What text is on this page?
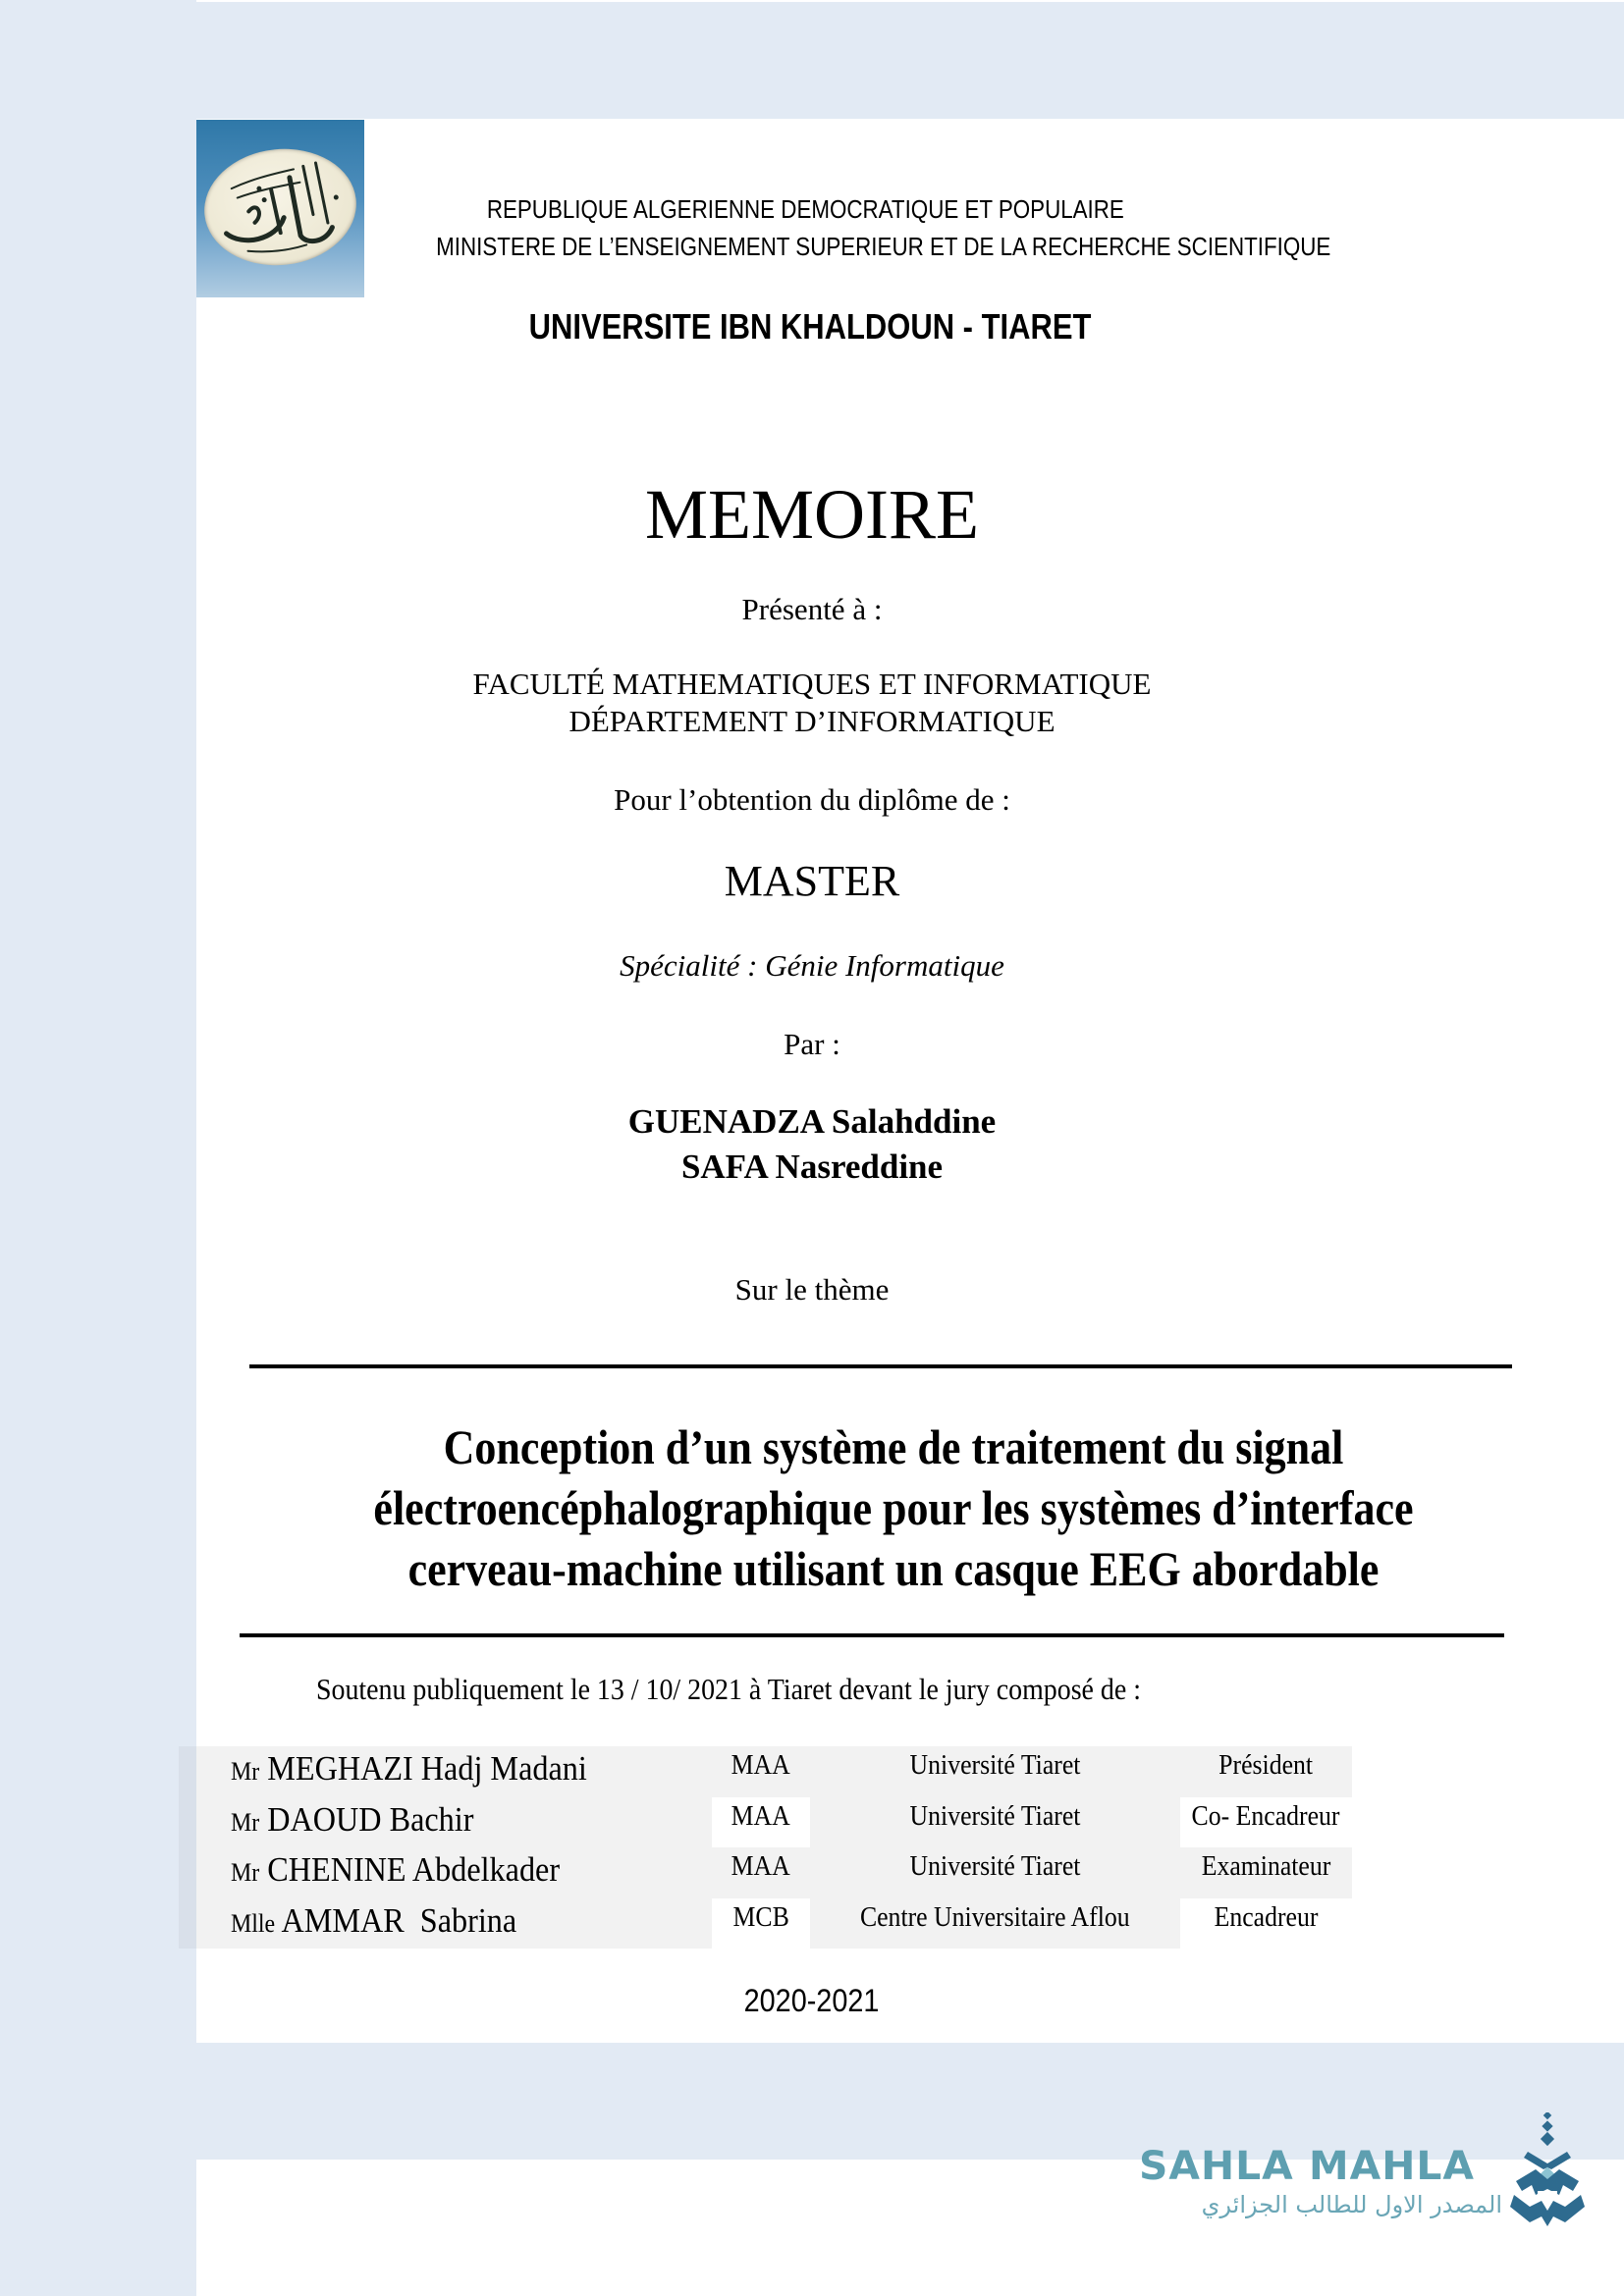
REPUBLIQUE ALGERIENNE DEMOCRATIQUE ET POPULAIRE
MINISTERE DE L’ENSEIGNEMENT SUPERIEUR ET DE LA RECHERCHE SCIENTIFIQUE
UNIVERSITE IBN KHALDOUN - TIARET
MEMOIRE
Présenté à :
FACULTÉ MATHEMATIQUES ET INFORMATIQUE
DÉPARTEMENT D’INFORMATIQUE
Pour l’obtention du diplôme de :
MASTER
Spécialité : Génie Informatique
Par :
GUENADZA Salahddine
SAFA Nasreddine
Sur le thème
Conception d’un système de traitement du signal
électroencéphalographique pour les systèmes d’interface
cerveau-machine utilisant un casque EEG abordable
Soutenu publiquement le 13 / 10/ 2021 à Tiaret devant le jury composé de :
Mr MEGHAZI Hadj Madani	MAA	Université Tiaret	Président
Mr DAOUD Bachir	MAA	Université Tiaret	Co- Encadreur
Mr CHENINE Abdelkader	MAA	Université Tiaret	Examinateur
Mlle AMMAR  Sabrina	MCB	Centre Universitaire Aflou	Encadreur
2020-2021
SAHLA MAHLA
المصدر الاول للطالب الجزائري
